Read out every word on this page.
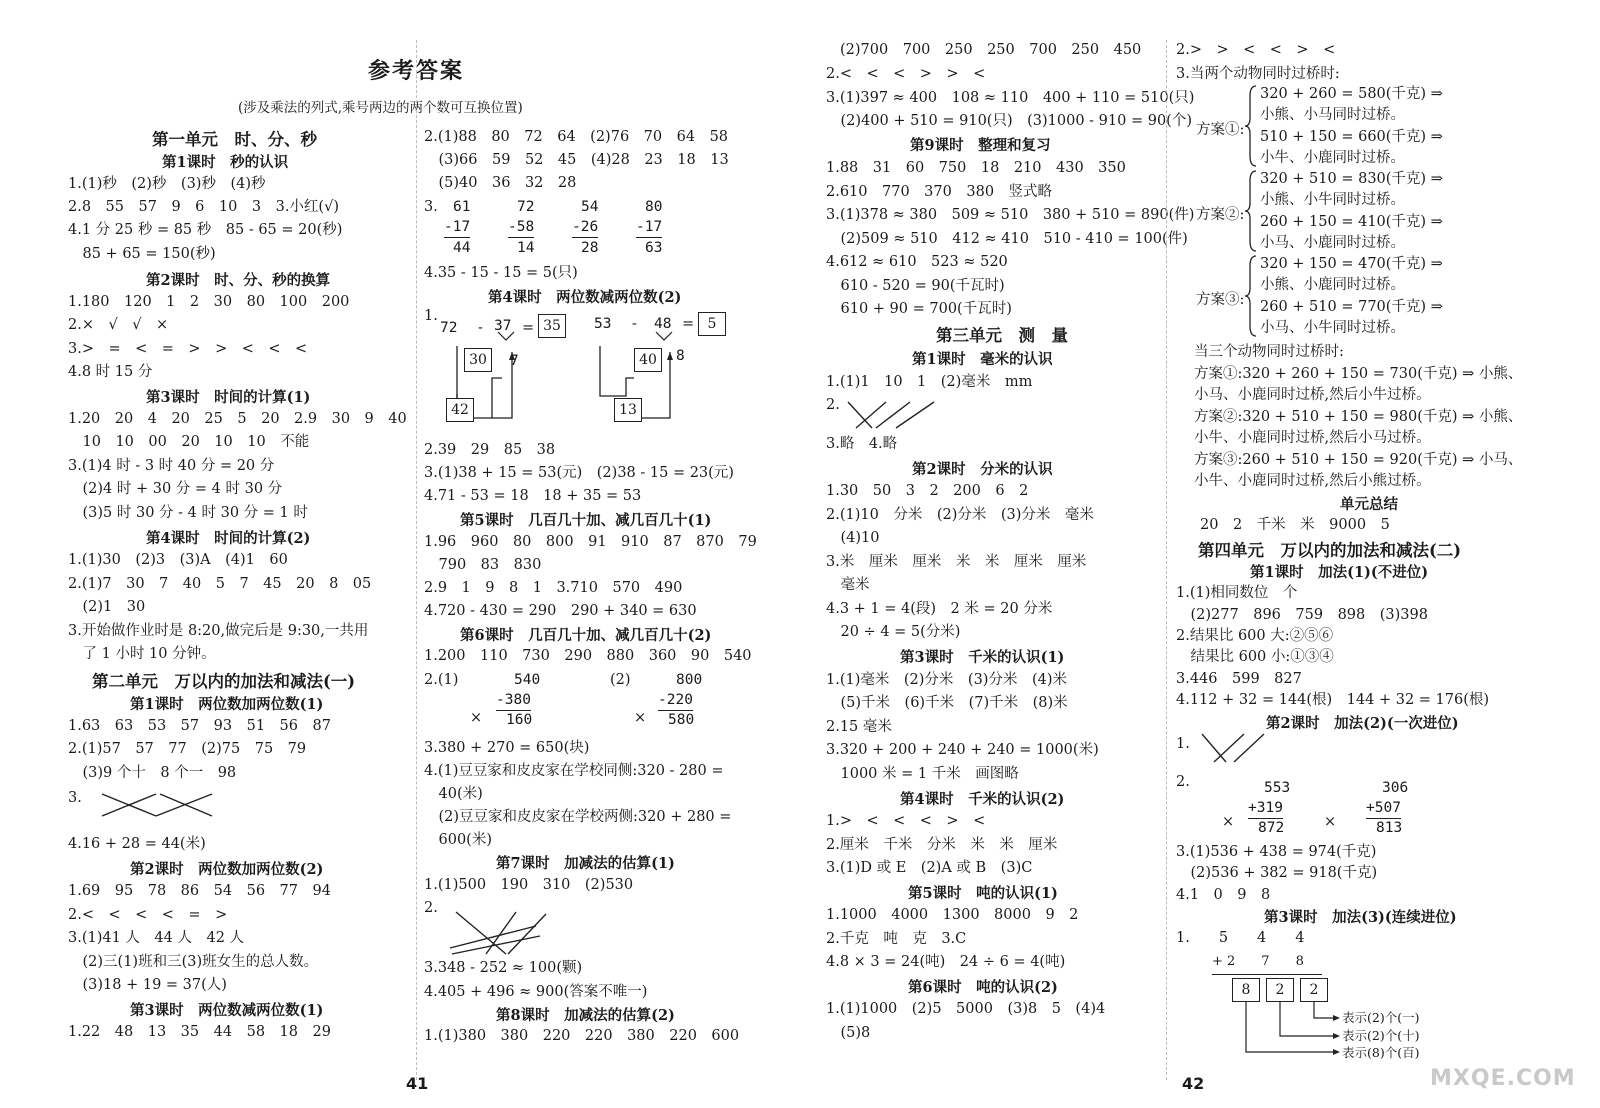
参考答案
(涉及乘法的列式,乘号两边的两个数可互换位置)
第一单元　时、分、秒
第1课时　秒的认识
1.(1)秒　(2)秒　(3)秒　(4)秒
2.8　55　57　9　6　10　3　3.小红(√)
4.1 分 25 秒 = 85 秒　85 - 65 = 20(秒)
　85 + 65 = 150(秒)
第2课时　时、分、秒的换算
1.180　120　1　2　30　80　100　200
2.×　√　√　×
3.>　=　<　=　>　>　<　<　<
4.8 时 15 分
第3课时　时间的计算(1)
1.20　20　4　20　25　5　20　2.9　30　9　40
　10　10　00　20　10　10　不能
3.(1)4 时 - 3 时 40 分 = 20 分
　(2)4 时 + 30 分 = 4 时 30 分
　(3)5 时 30 分 - 4 时 30 分 = 1 时
第4课时　时间的计算(2)
1.(1)30　(2)3　(3)A　(4)1　60
2.(1)7　30　7　40　5　7　45　20　8　05
　(2)1　30
3.开始做作业时是 8:20,做完后是 9:30,一共用
　了 1 小时 10 分钟。
第二单元　万以内的加法和减法(一)
第1课时　两位数加两位数(1)
1.63　63　53　57　93　51　56　87
2.(1)57　57　77　(2)75　75　79
　(3)9 个十　8 个一　98
3.
4.16 + 28 = 44(米)
第2课时　两位数加两位数(2)
1.69　95　78　86　54　56　77　94
2.<　<　<　<　=　>
3.(1)41 人　44 人　42 人
　(2)三(1)班和三(3)班女生的总人数。
　(3)18 + 19 = 37(人)
第3课时　两位数减两位数(1)
1.22　48　13　35　44　58　18　29
41
2.(1)88　80　72　64　(2)76　70　64　58
　(3)66　59　52　45　(4)28　23　18　13
　(5)40　36　32　28
3. 61
-17
44
72
-58
14
54
-26
28
80
-17
63
4.35 - 15 - 15 = 5(只)
第4课时　两位数减两位数(2)
1.
72 - 37 = 35
30	7
42
53 - 48 = 5
40	8
13
2.39　29　85　38
3.(1)38 + 15 = 53(元)　(2)38 - 15 = 23(元)
4.71 - 53 = 18　18 + 35 = 53
第5课时　几百几十加、减几百几十(1)
1.96　960　80　800　91　910　87　870　79
　790　83　830
2.9　1　9　8　1　3.710　570　490
4.720 - 430 = 290　290 + 340 = 630
第6课时　几百几十加、减几百几十(2)
1.200　110　730　290　880　360　90　540
2.(1)	(2)
540
-380
160
×
800
-220
580
×
3.380 + 270 = 650(块)
4.(1)豆豆家和皮皮家在学校同侧:320 - 280 =
　40(米)
　(2)豆豆家和皮皮家在学校两侧:320 + 280 =
　600(米)
第7课时　加减法的估算(1)
1.(1)500　190　310　(2)530
2.
3.348 - 252 ≈ 100(颗)
4.405 + 496 ≈ 900(答案不唯一)
第8课时　加减法的估算(2)
1.(1)380　380　220　220　380　220　600
(2)700　700　250　250　700　250　450
2.<　<　<　>　>　<
3.(1)397 ≈ 400　108 ≈ 110　400 + 110 = 510(只)
　(2)400 + 510 = 910(只)　(3)1000 - 910 = 90(个)
第9课时　整理和复习
1.88　31　60　750　18　210　430　350
2.610　770　370　380　竖式略
3.(1)378 ≈ 380　509 ≈ 510　380 + 510 = 890(件)
　(2)509 ≈ 510　412 ≈ 410　510 - 410 = 100(件)
4.612 ≈ 610　523 ≈ 520
　610 - 520 = 90(千瓦时)
　610 + 90 = 700(千瓦时)
第三单元　测　量
第1课时　毫米的认识
1.(1)1　10　1　(2)毫米　mm
2.
3.略　4.略
第2课时　分米的认识
1.30　50　3　2　200　6　2
2.(1)10　分米　(2)分米　(3)分米　毫米
　(4)10
3.米　厘米　厘米　米　米　厘米　厘米
　毫米
4.3 + 1 = 4(段)　2 米 = 20 分米
　20 ÷ 4 = 5(分米)
第3课时　千米的认识(1)
1.(1)毫米　(2)分米　(3)分米　(4)米
　(5)千米　(6)千米　(7)千米　(8)米
2.15 毫米
3.320 + 200 + 240 + 240 = 1000(米)
　1000 米 = 1 千米　画图略
第4课时　千米的认识(2)
1.>　<　<　<　>　<
2.厘米　千米　分米　米　米　厘米
3.(1)D 或 E　(2)A 或 B　(3)C
第5课时　吨的认识(1)
1.1000　4000　1300　8000　9　2
2.千克　吨　克　3.C
4.8 × 3 = 24(吨)　24 ÷ 6 = 4(吨)
第6课时　吨的认识(2)
1.(1)1000　(2)5　5000　(3)8　5　(4)4
　(5)8
2.>　>　<　<　>　<
3.当两个动物同时过桥时:
方案①:
320 + 260 = 580(千克) ⇒
小熊、小马同时过桥。
510 + 150 = 660(千克) ⇒
小牛、小鹿同时过桥。
方案②:
320 + 510 = 830(千克) ⇒
小熊、小牛同时过桥。
260 + 150 = 410(千克) ⇒
小马、小鹿同时过桥。
方案③:
320 + 150 = 470(千克) ⇒
小熊、小鹿同时过桥。
260 + 510 = 770(千克) ⇒
小马、小牛同时过桥。
当三个动物同时过桥时:
方案①:320 + 260 + 150 = 730(千克) ⇒ 小熊、
小马、小鹿同时过桥,然后小牛过桥。
方案②:320 + 510 + 150 = 980(千克) ⇒ 小熊、
小牛、小鹿同时过桥,然后小马过桥。
方案③:260 + 510 + 150 = 920(千克) ⇒ 小马、
小牛、小鹿同时过桥,然后小熊过桥。
单元总结
20　2　千米　米　9000　5
第四单元　万以内的加法和减法(二)
第1课时　加法(1)(不进位)
1.(1)相同数位　个
　(2)277　896　759　898　(3)398
2.结果比 600 大:②⑤⑥
　结果比 600 小:①③④
3.446　599　827
4.112 + 32 = 144(根)　144 + 32 = 176(根)
第2课时　加法(2)(一次进位)
1.
2.	553
+319
872
×
306
+507
813
×
3.(1)536 + 438 = 974(千克)
　(2)536 + 382 = 918(千克)
4.1　0　9　8
第3课时　加法(3)(连续进位)
1.　　5　　4　　4
+ 2　　7　　8
8	2	2
表示(2)个(一)
表示(2)个(十)
表示(8)个(百)
42	MXQE.COM
